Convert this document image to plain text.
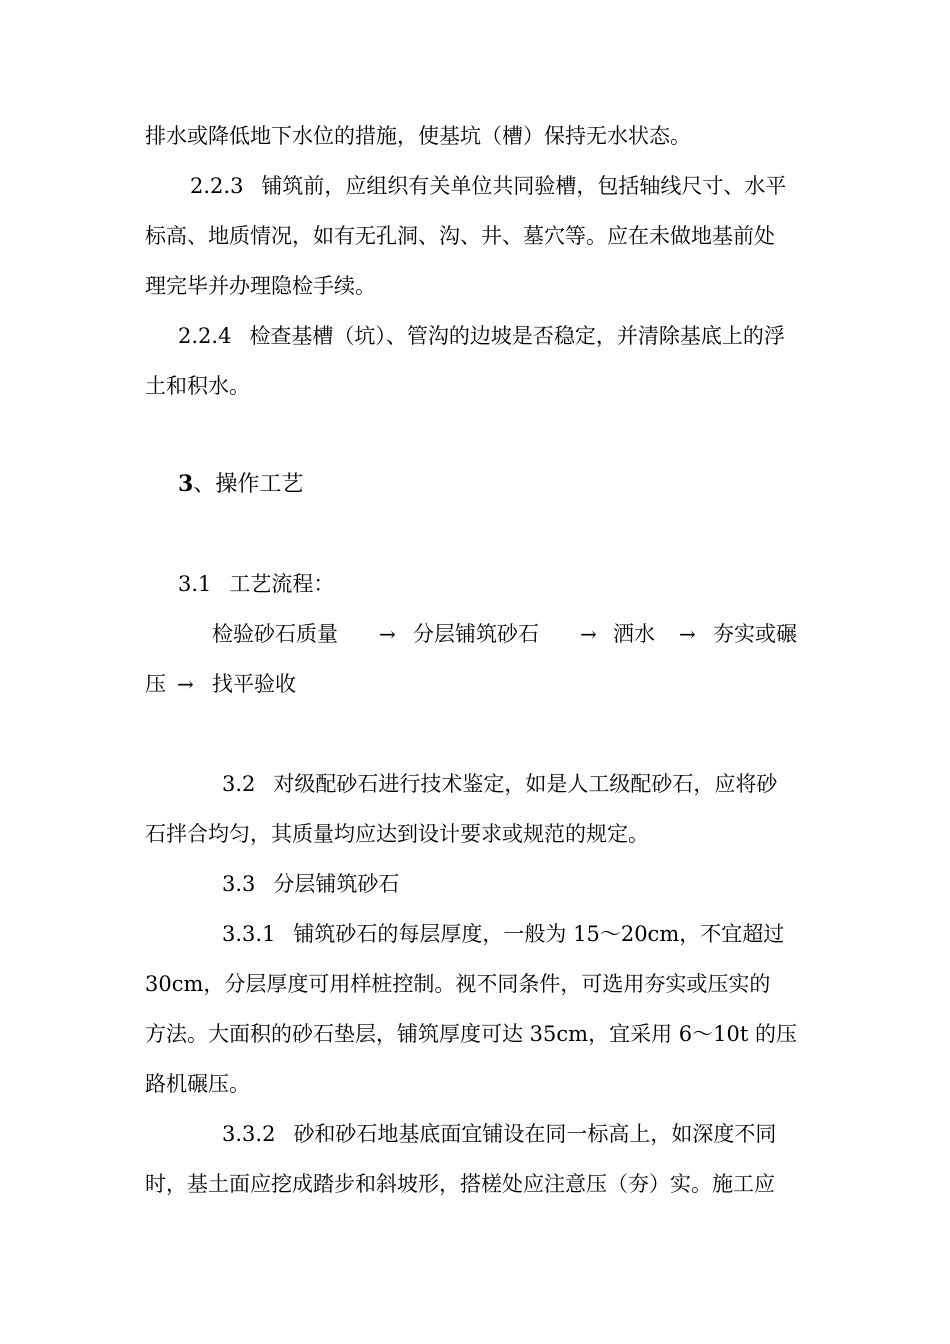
排水或降低地下水位的措施，使基坑（槽）保持无水状态。
2.2.3 铺筑前，应组织有关单位共同验槽，包括轴线尺寸、水平
标高、地质情况，如有无孔洞、沟、井、墓穴等。应在未做地基前处
理完毕并办理隐检手续。
2.2.4 检查基槽（坑）、管沟的边坡是否稳定，并清除基底上的浮
土和积水。
3、操作工艺
3.1 工艺流程：
检验砂石质量 → 分层铺筑砂石 → 洒水 → 夯实或碾
压 → 找平验收
3.2 对级配砂石进行技术鉴定，如是人工级配砂石，应将砂
石拌合均匀，其质量均应达到设计要求或规范的规定。
3.3 分层铺筑砂石
3.3.1 铺筑砂石的每层厚度，一般为 15～20cm，不宜超过
30cm，分层厚度可用样桩控制。视不同条件，可选用夯实或压实的
方法。大面积的砂石垫层，铺筑厚度可达 35cm，宜采用 6～10t 的压
路机碾压。
3.3.2 砂和砂石地基底面宜铺设在同一标高上，如深度不同
时，基土面应挖成踏步和斜坡形，搭槎处应注意压（夯）实。施工应
